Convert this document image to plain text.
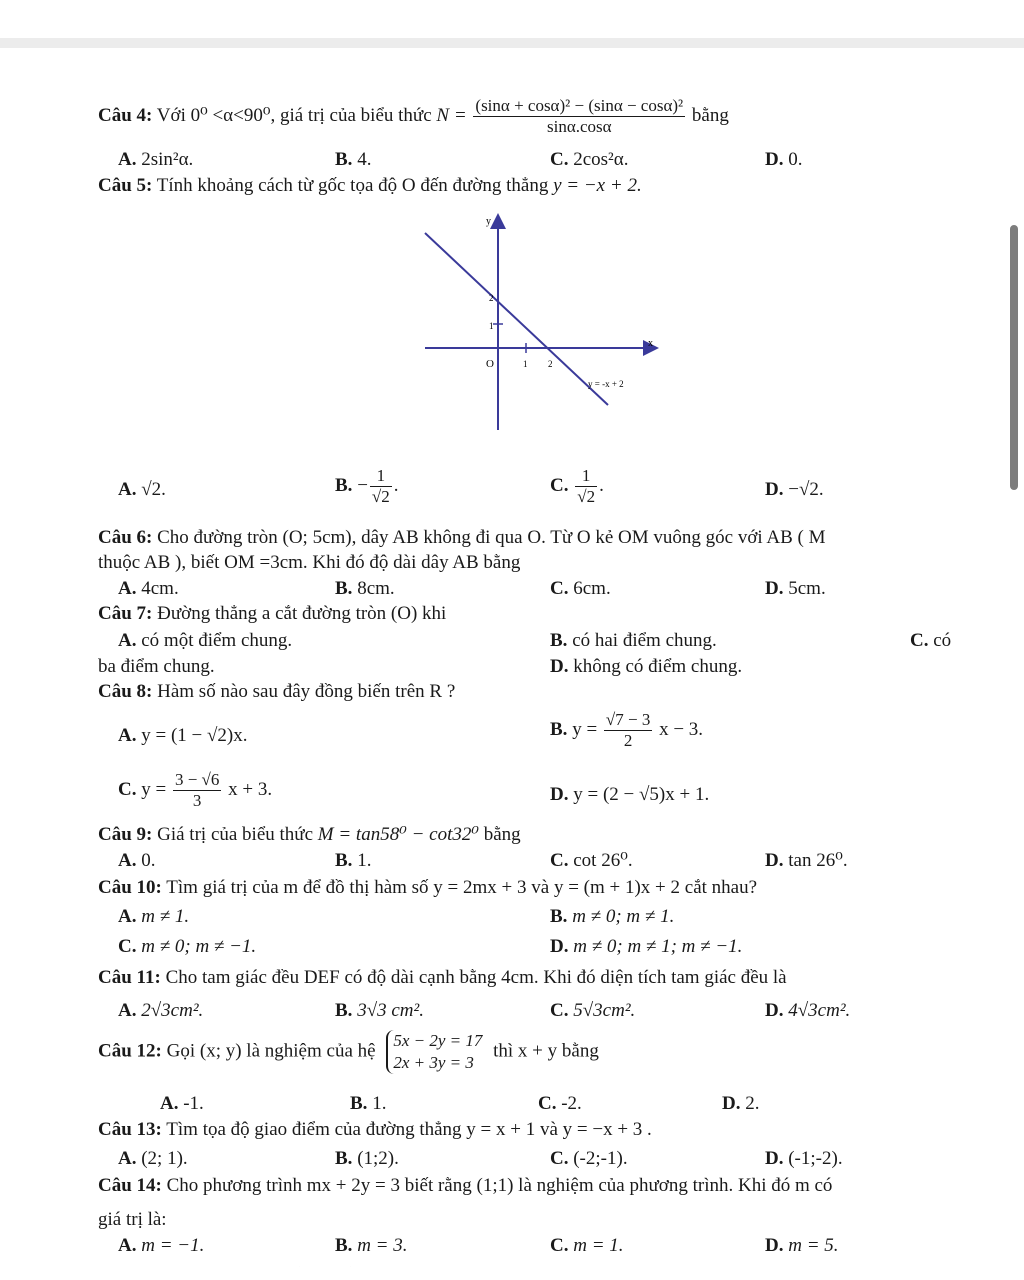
Câu 4: Với 0⁰ <α<90⁰, giá trị của biểu thức $N = \frac{\text{(sinα + cosα)² − (sinα − cosα)²}}{\sin\alpha.\cos\alpha}$ bằng
A. 2sin²α.	B. 4.	C. 2cos²α.	D. 0.
Câu 5: Tính khoảng cách từ gốc tọa độ O đến đường thẳng y = −x + 2.
y
x
O	1 2
1
2
y = -x + 2
A. √2.	B. − $\frac{1}{√2}$ .	C. $\frac{1}{√2}$ .	D. −√2.
Câu 6: Cho đường tròn (O; 5cm), dây AB không đi qua O. Từ O kẻ OM vuông góc với AB ( M
thuộc AB ), biết OM =3cm. Khi đó độ dài dây AB bằng
A. 4cm.	B. 8cm.	C. 6cm.	D. 5cm.
Câu 7: Đường thẳng a cắt đường tròn (O) khi
A. có một điểm chung.	B. có hai điểm chung.	C. có
ba điểm chung.	D. không có điểm chung.
Câu 8: Hàm số nào sau đây đồng biến trên R ?
A. y = (1 − √2)x.	B. $y = \frac{√7 - 3}{2}$ x − 3.
C. $y = \frac{3 - √6}{3}$ x + 3.	D. y = (2 − √5)x + 1.
Câu 9: Giá trị của biểu thức M = tan58⁰ − cot32⁰ bằng
A. 0.	B. 1.	C. cot 26⁰.	D. tan 26⁰.
Câu 10: Tìm giá trị của m để đồ thị hàm số y = 2mx + 3 và y = (m + 1)x + 2 cắt nhau?
A. m ≠ 1.	B. m ≠ 0; m ≠ 1.
C. m ≠ 0; m ≠ −1.	D. m ≠ 0; m ≠ 1; m ≠ −1.
Câu 11: Cho tam giác đều DEF có độ dài cạnh bằng 4cm. Khi đó diện tích tam giác đều là
A. 2√3cm².	B. 3√3 cm².	C. 5√3cm².	D. 4√3cm².
Câu 12: Gọi (x; y) là nghiệm của hệ 5x − 2y = 17
2x + 3y = 3
thì x + y bằng
A. -1.	B. 1.	C. -2.	D. 2.
Câu 13: Tìm tọa độ giao điểm của đường thẳng y = x + 1 và y = −x + 3 .
A. (2; 1).	B. (1;2).	C. (-2;-1).	D. (-1;-2).
Câu 14: Cho phương trình mx + 2y = 3 biết rằng (1;1) là nghiệm của phương trình. Khi đó m có
giá trị là:
A. m = −1.	B. m = 3.	C. m = 1.	D. m = 5.
